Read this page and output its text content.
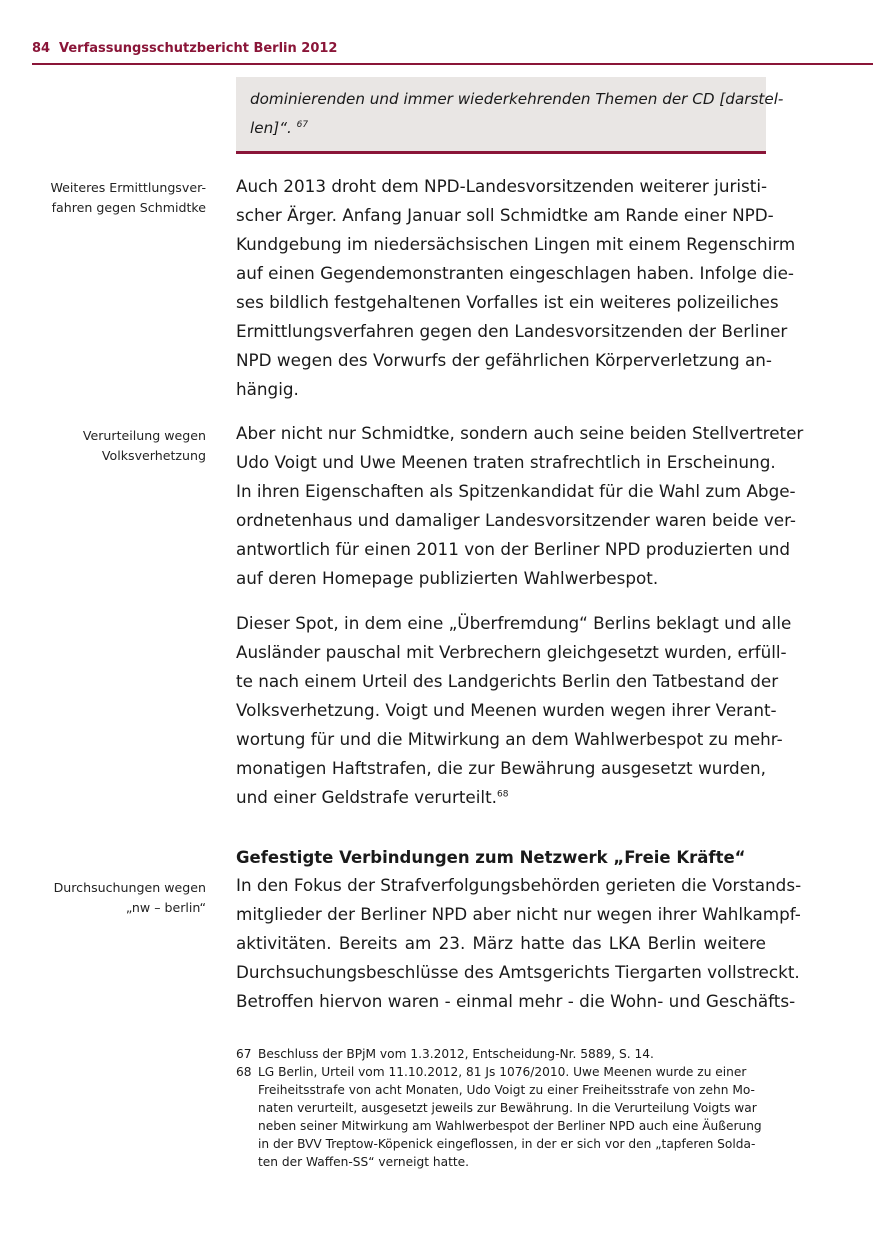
84 Verfassungsschutzbericht Berlin 2012
dominierenden und immer wiederkehrenden Themen der CD [darstel-
len]“. $^{67}$
Weiteres Ermittlungsver-
fahren gegen Schmidtke
Verurteilung wegen
Volksverhetzung
Durchsuchungen wegen
„nw – berlin“
Auch 2013 droht dem NPD-Landesvorsitzenden weiterer juristi-
scher Ärger. Anfang Januar soll Schmidtke am Rande einer NPD-
Kundgebung im niedersächsischen Lingen mit einem Regenschirm
auf einen Gegendemonstranten eingeschlagen haben. Infolge die-
ses bildlich festgehaltenen Vorfalles ist ein weiteres polizeiliches
Ermittlungsverfahren gegen den Landesvorsitzenden der Berliner
NPD wegen des Vorwurfs der gefährlichen Körperverletzung an-
hängig.
Aber nicht nur Schmidtke, sondern auch seine beiden Stellvertreter
Udo Voigt und Uwe Meenen traten strafrechtlich in Erscheinung.
In ihren Eigenschaften als Spitzenkandidat für die Wahl zum Abge-
ordnetenhaus und damaliger Landesvorsitzender waren beide ver-
antwortlich für einen 2011 von der Berliner NPD produzierten und
auf deren Homepage publizierten Wahlwerbespot.
Dieser Spot, in dem eine „Überfremdung“ Berlins beklagt und alle
Ausländer pauschal mit Verbrechern gleichgesetzt wurden, erfüll-
te nach einem Urteil des Landgerichts Berlin den Tatbestand der
Volksverhetzung. Voigt und Meenen wurden wegen ihrer Verant-
wortung für und die Mitwirkung an dem Wahlwerbespot zu mehr-
monatigen Haftstrafen, die zur Bewährung ausgesetzt wurden,
und einer Geldstrafe verurteilt.$^{68}$
Gefestigte Verbindungen zum Netzwerk „Freie Kräfte“
In den Fokus der Strafverfolgungsbehörden gerieten die Vorstands-
mitglieder der Berliner NPD aber nicht nur wegen ihrer Wahlkampf-
aktivitäten. Bereits am 23. März hatte das LKA Berlin weitere
Durchsuchungsbeschlüsse des Amtsgerichts Tiergarten vollstreckt.
Betroffen hiervon waren - einmal mehr - die Wohn- und Geschäfts-
67 Beschluss der BPjM vom 1.3.2012, Entscheidung-Nr. 5889, S. 14.
68 LG Berlin, Urteil vom 11.10.2012, 81 Js 1076/2010. Uwe Meenen wurde zu einer
Freiheitsstrafe von acht Monaten, Udo Voigt zu einer Freiheitsstrafe von zehn Mo-
naten verurteilt, ausgesetzt jeweils zur Bewährung. In die Verurteilung Voigts war
neben seiner Mitwirkung am Wahlwerbespot der Berliner NPD auch eine Äußerung
in der BVV Treptow-Köpenick eingeflossen, in der er sich vor den „tapferen Solda-
ten der Waffen-SS“ verneigt hatte.
